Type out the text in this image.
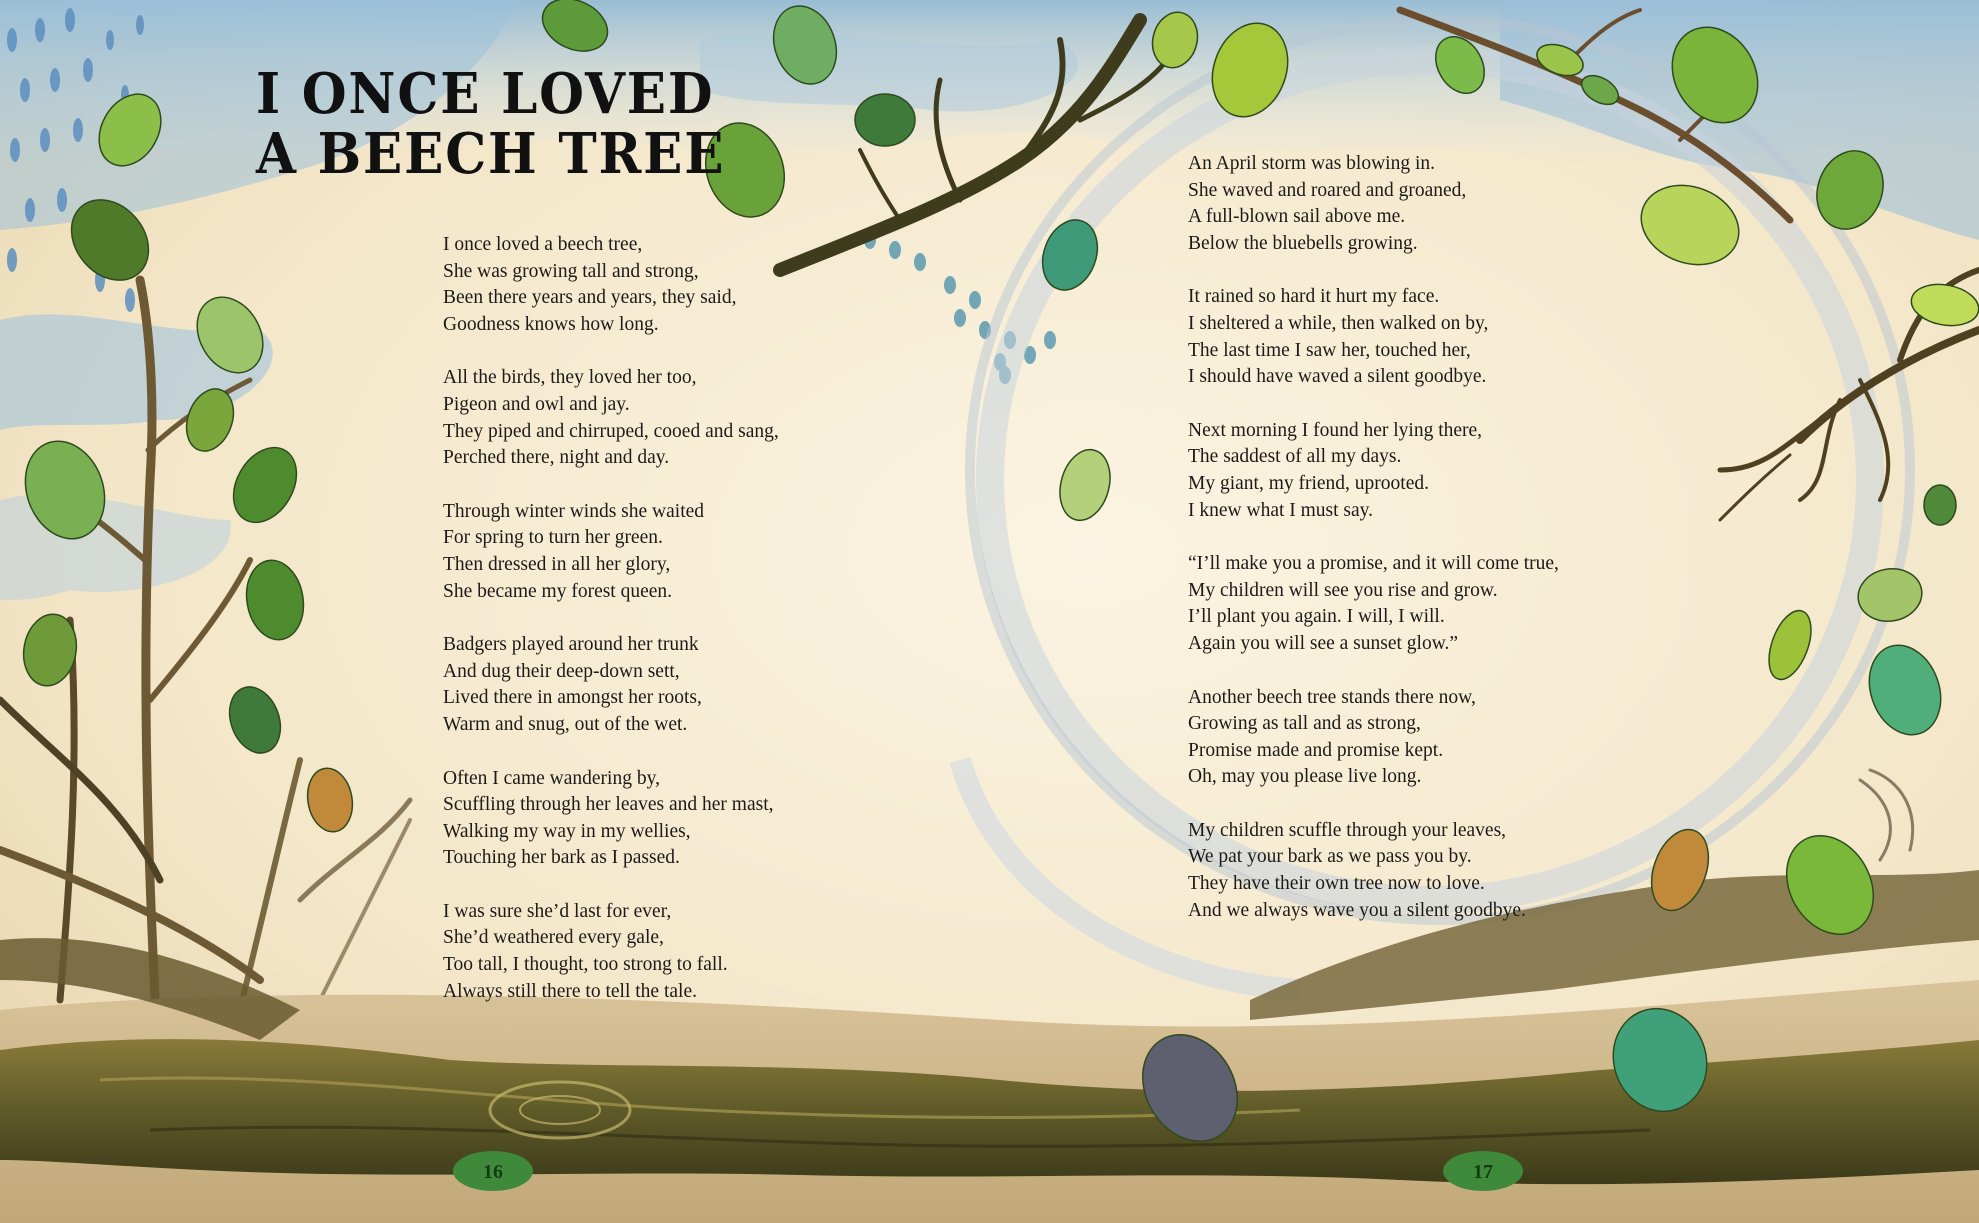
I ONCE LOVED
A BEECH TREE
I once loved a beech tree,
She was growing tall and strong,
Been there years and years, they said,
Goodness knows how long.
All the birds, they loved her too,
Pigeon and owl and jay.
They piped and chirruped, cooed and sang,
Perched there, night and day.
Through winter winds she waited
For spring to turn her green.
Then dressed in all her glory,
She became my forest queen.
Badgers played around her trunk
And dug their deep-down sett,
Lived there in amongst her roots,
Warm and snug, out of the wet.
Often I came wandering by,
Scuffling through her leaves and her mast,
Walking my way in my wellies,
Touching her bark as I passed.
I was sure she’d last for ever,
She’d weathered every gale,
Too tall, I thought, too strong to fall.
Always still there to tell the tale.
An April storm was blowing in.
She waved and roared and groaned,
A full-blown sail above me.
Below the bluebells growing.
It rained so hard it hurt my face.
I sheltered a while, then walked on by,
The last time I saw her, touched her,
I should have waved a silent goodbye.
Next morning I found her lying there,
The saddest of all my days.
My giant, my friend, uprooted.
I knew what I must say.
“I’ll make you a promise, and it will come true,
My children will see you rise and grow.
I’ll plant you again. I will, I will.
Again you will see a sunset glow.”
Another beech tree stands there now,
Growing as tall and as strong,
Promise made and promise kept.
Oh, may you please live long.
My children scuffle through your leaves,
We pat your bark as we pass you by.
They have their own tree now to love.
And we always wave you a silent goodbye.
16	17
